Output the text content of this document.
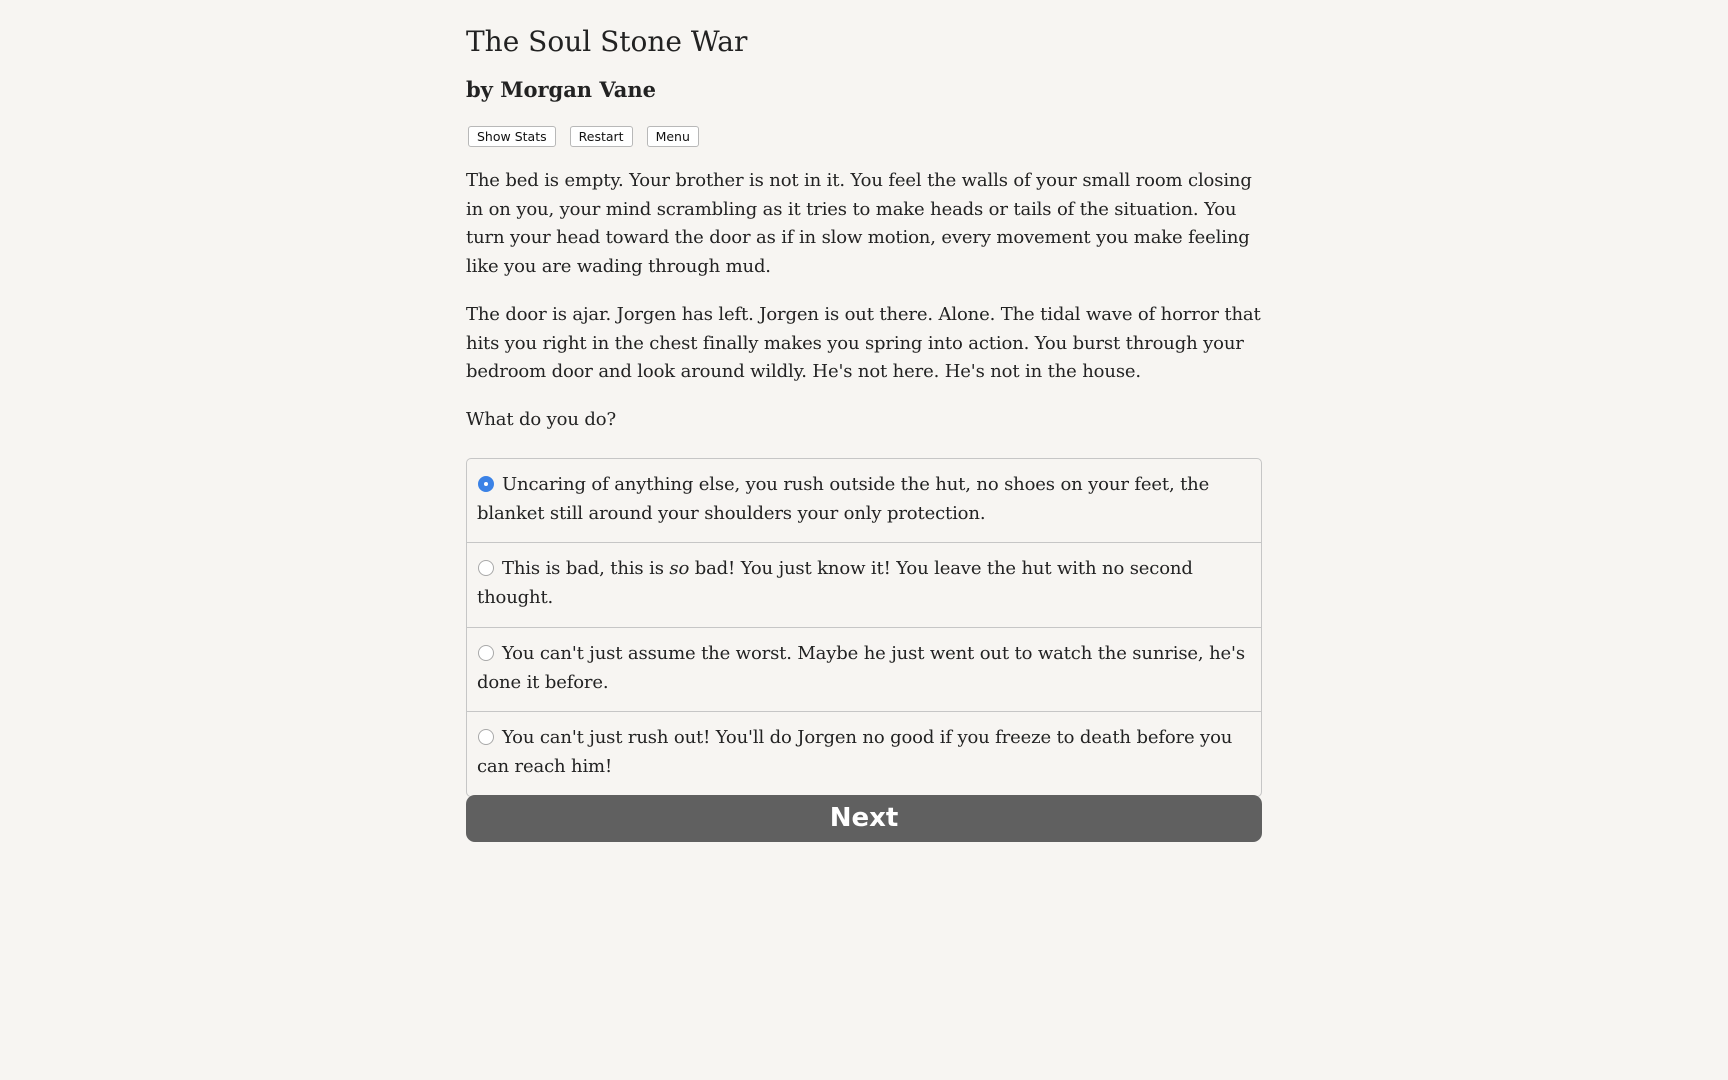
The Soul Stone War
by Morgan Vane
Show Stats	Restart	Menu

The bed is empty. Your brother is not in it. You feel the walls of your small room closing in on you, your mind scrambling as it tries to make heads or tails of the situation. You turn your head toward the door as if in slow motion, every movement you make feeling like you are wading through mud.

The door is ajar. Jorgen has left. Jorgen is out there. Alone. The tidal wave of horror that hits you right in the chest finally makes you spring into action. You burst through your bedroom door and look around wildly. He's not here. He's not in the house.

What do you do?

Uncaring of anything else, you rush outside the hut, no shoes on your feet, the blanket still around your shoulders your only protection.
This is bad, this is so bad! You just know it! You leave the hut with no second thought.
You can't just assume the worst. Maybe he just went out to watch the sunrise, he's done it before.
You can't just rush out! You'll do Jorgen no good if you freeze to death before you can reach him!
Next
